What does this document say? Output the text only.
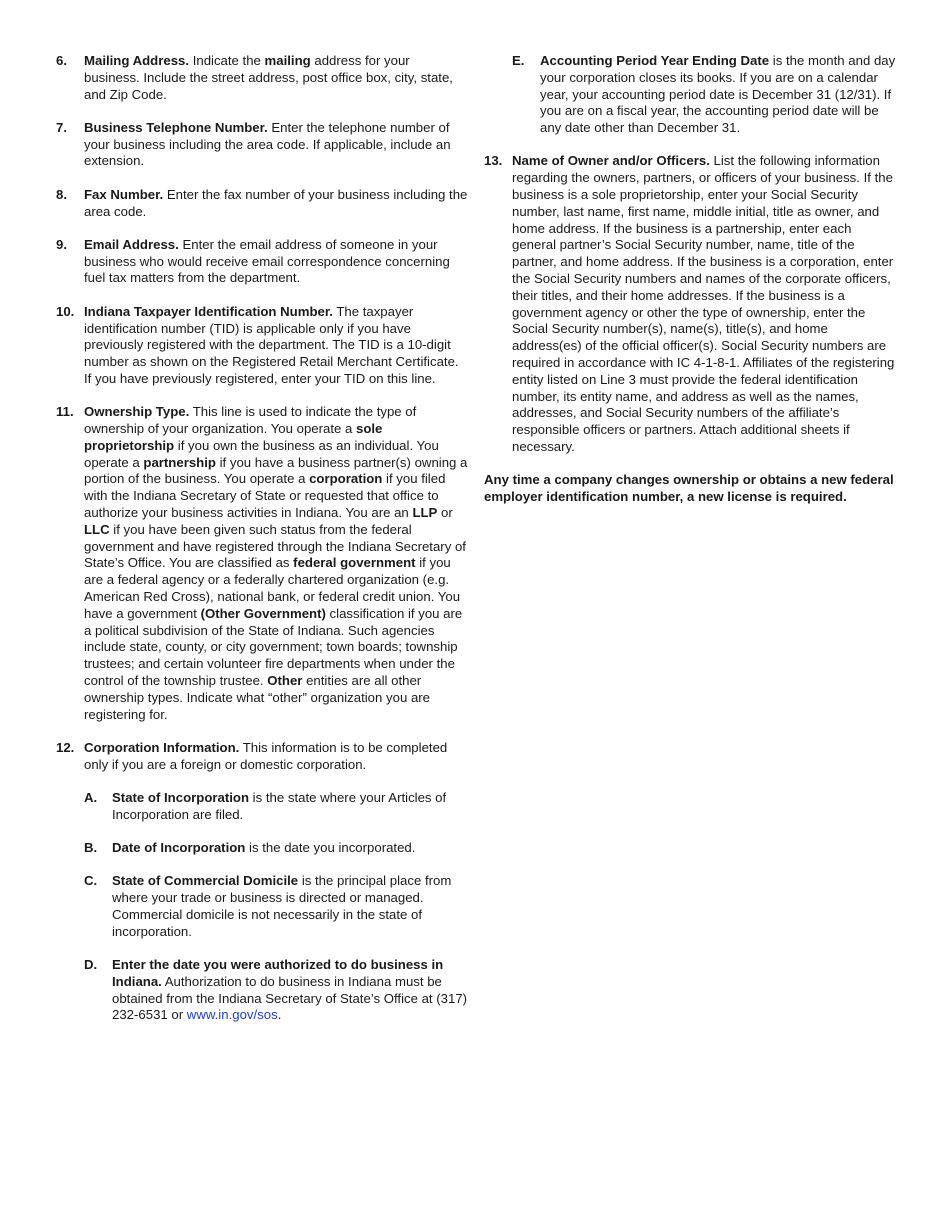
6.	Mailing Address. Indicate the mailing address for your business. Include the street address, post office box, city, state, and Zip Code.
7.	Business Telephone Number. Enter the telephone number of your business including the area code. If applicable, include an extension.
8.	Fax Number. Enter the fax number of your business including the area code.
9.	Email Address. Enter the email address of someone in your business who would receive email correspondence concerning fuel tax matters from the department.
10. Indiana Taxpayer Identification Number. The taxpayer identification number (TID) is applicable only if you have previously registered with the department. The TID is a 10-digit number as shown on the Registered Retail Merchant Certificate. If you have previously registered, enter your TID on this line.
11. Ownership Type. This line is used to indicate the type of ownership of your organization. You operate a sole proprietorship if you own the business as an individual. You operate a partnership if you have a business partner(s) owning a portion of the business. You operate a corporation if you filed with the Indiana Secretary of State or requested that office to authorize your business activities in Indiana. You are an LLP or LLC if you have been given such status from the federal government and have registered through the Indiana Secretary of State’s Office. You are classified as federal government if you are a federal agency or a federally chartered organization (e.g. American Red Cross), national bank, or federal credit union. You have a government (Other Government) classification if you are a political subdivision of the State of Indiana. Such agencies include state, county, or city government; town boards; township trustees; and certain volunteer fire departments when under the control of the township trustee. Other entities are all other ownership types. Indicate what “other” organization you are registering for.
12. Corporation Information. This information is to be completed only if you are a foreign or domestic corporation.
A.	State of Incorporation is the state where your Articles of Incorporation are filed.
B.	Date of Incorporation is the date you incorporated.
C.	State of Commercial Domicile is the principal place from where your trade or business is directed or managed. Commercial domicile is not necessarily in the state of incorporation.
D.	Enter the date you were authorized to do business in Indiana. Authorization to do business in Indiana must be obtained from the Indiana Secretary of State’s Office at (317) 232-6531 or www.in.gov/sos.
E.	Accounting Period Year Ending Date is the month and day your corporation closes its books. If you are on a calendar year, your accounting period date is December 31 (12/31). If you are on a fiscal year, the accounting period date will be any date other than December 31.
13. Name of Owner and/or Officers. List the following information regarding the owners, partners, or officers of your business. If the business is a sole proprietorship, enter your Social Security number, last name, first name, middle initial, title as owner, and home address. If the business is a partnership, enter each general partner’s Social Security number, name, title of the partner, and home address. If the business is a corporation, enter the Social Security numbers and names of the corporate officers, their titles, and their home addresses. If the business is a government agency or other the type of ownership, enter the Social Security number(s), name(s), title(s), and home address(es) of the official officer(s). Social Security numbers are required in accordance with IC 4-1-8-1. Affiliates of the registering entity listed on Line 3 must provide the federal identification number, its entity name, and address as well as the names, addresses, and Social Security numbers of the affiliate’s responsible officers or partners. Attach additional sheets if necessary.
Any time a company changes ownership or obtains a new federal employer identification number, a new license is required.
